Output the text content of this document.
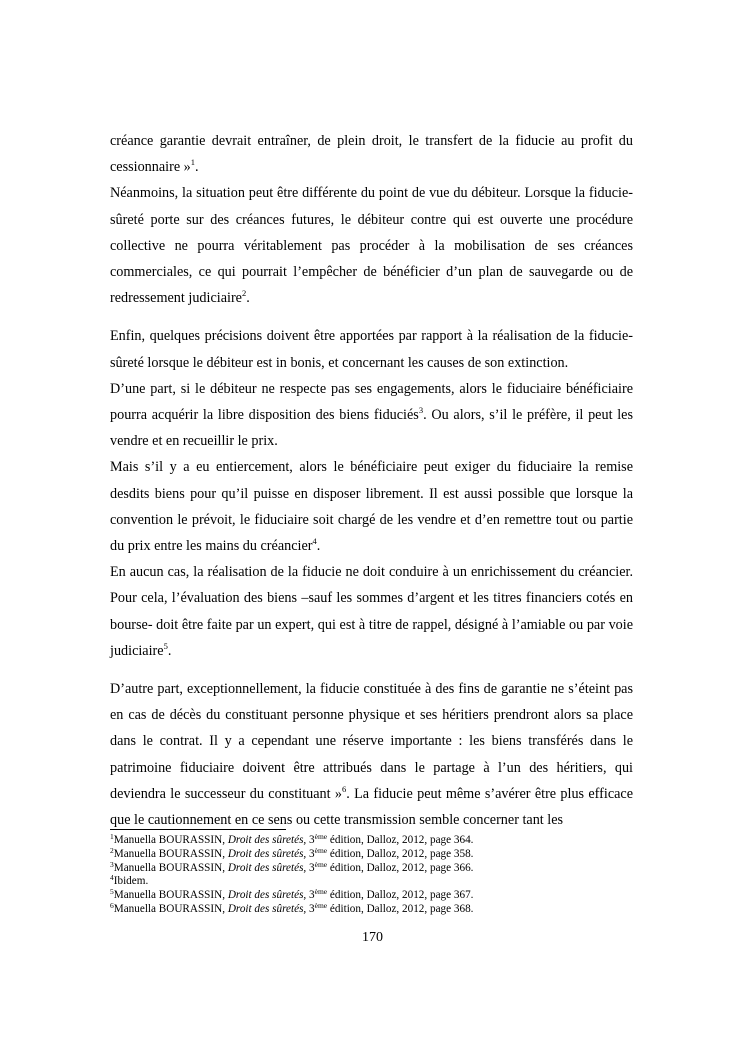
créance garantie devrait entraîner, de plein droit, le transfert de la fiducie au profit du cessionnaire »$^1$.

Néanmoins, la situation peut être différente du point de vue du débiteur. Lorsque la fiducie-sûreté porte sur des créances futures, le débiteur contre qui est ouverte une procédure collective ne pourra véritablement pas procéder à la mobilisation de ses créances commerciales, ce qui pourrait l’empêcher de bénéficier d’un plan de sauvegarde ou de redressement judiciaire$^2$.

Enfin, quelques précisions doivent être apportées par rapport à la réalisation de la fiducie-sûreté lorsque le débiteur est in bonis, et concernant les causes de son extinction.

D’une part, si le débiteur ne respecte pas ses engagements, alors le fiduciaire bénéficiaire pourra acquérir la libre disposition des biens fiduciés$^3$. Ou alors, s’il le préfère, il peut les vendre et en recueillir le prix.

Mais s’il y a eu entiercement, alors le bénéficiaire peut exiger du fiduciaire la remise desdits biens pour qu’il puisse en disposer librement. Il est aussi possible que lorsque la convention le prévoit, le fiduciaire soit chargé de les vendre et d’en remettre tout ou partie du prix entre les mains du créancier$^4$.

En aucun cas, la réalisation de la fiducie ne doit conduire à un enrichissement du créancier. Pour cela, l’évaluation des biens –sauf les sommes d’argent et les titres financiers cotés en bourse- doit être faite par un expert, qui est à titre de rappel, désigné à l’amiable ou par voie judiciaire$^5$.

D’autre part, exceptionnellement, la fiducie constituée à des fins de garantie ne s’éteint pas en cas de décès du constituant personne physique et ses héritiers prendront alors sa place dans le contrat. Il y a cependant une réserve importante : les biens transférés dans le patrimoine fiduciaire doivent être attribués dans le partage à l’un des héritiers, qui deviendra le successeur du constituant »$^6$. La fiducie peut même s’avérer être plus efficace que le cautionnement en ce sens ou cette transmission semble concerner tant les

$^1$Manuella BOURASSIN, Droit des sûretés, 3ème édition, Dalloz, 2012, page 364.
$^2$Manuella BOURASSIN, Droit des sûretés, 3ème édition, Dalloz, 2012, page 358.
$^3$Manuella BOURASSIN, Droit des sûretés, 3ème édition, Dalloz, 2012, page 366.
$^4$Ibidem.
$^5$Manuella BOURASSIN, Droit des sûretés, 3ème édition, Dalloz, 2012, page 367.
$^6$Manuella BOURASSIN, Droit des sûretés, 3ème édition, Dalloz, 2012, page 368.
170
